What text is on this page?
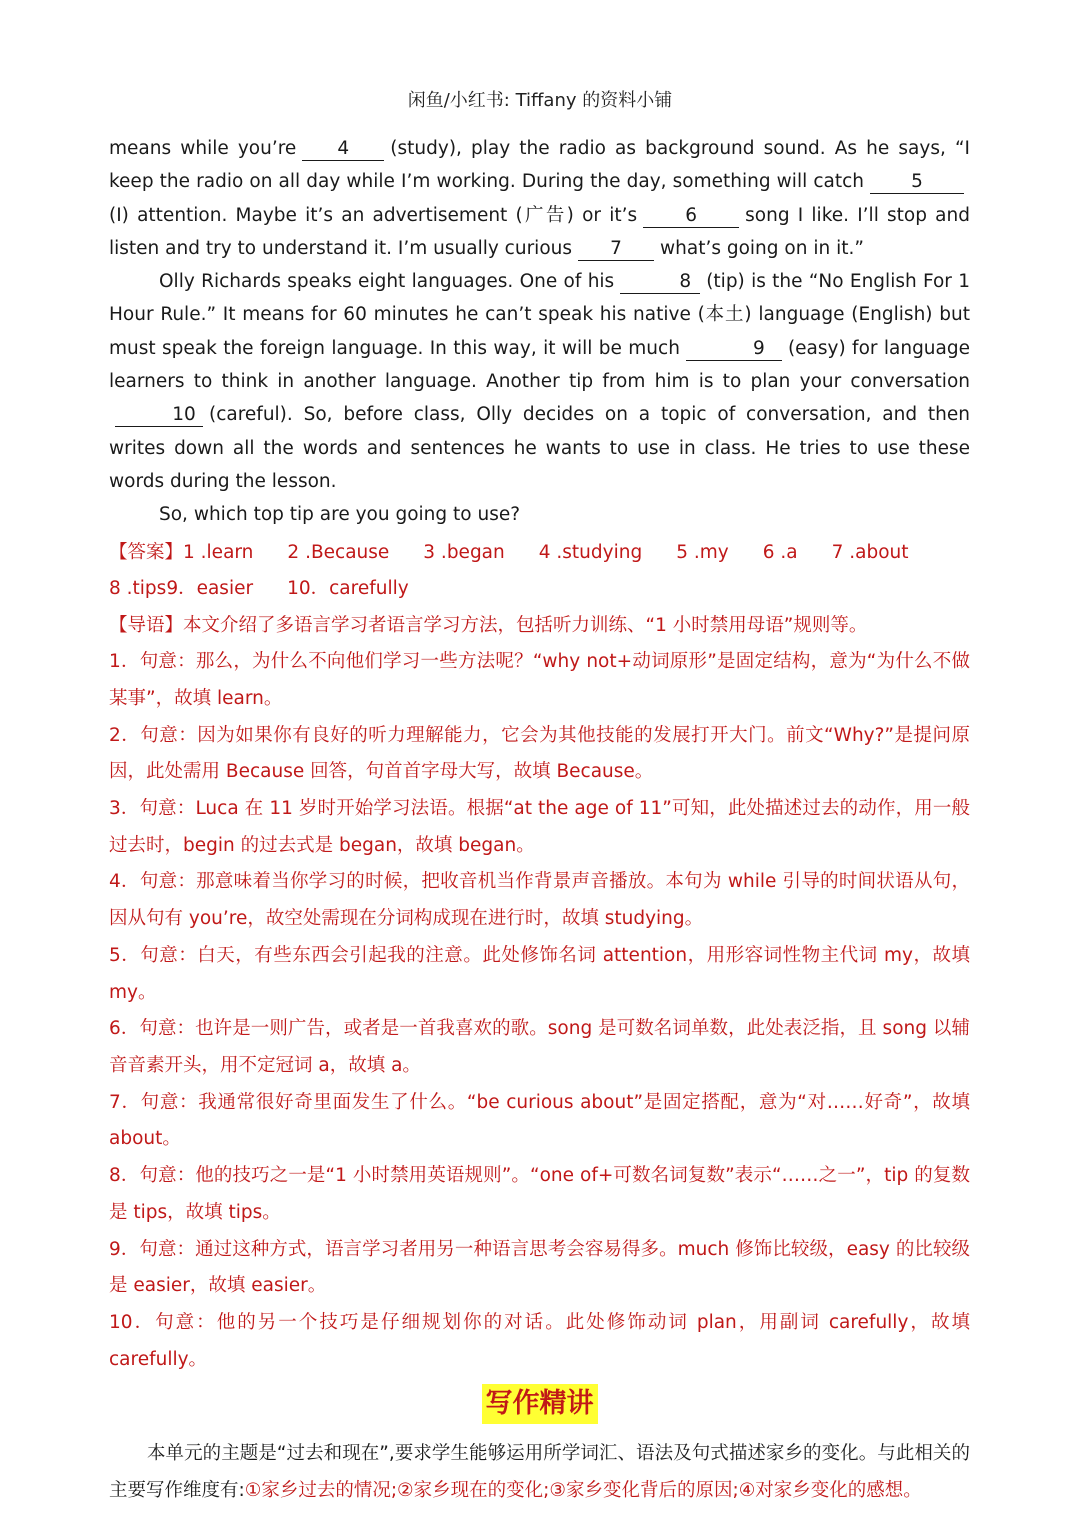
闲鱼/小红书: Tiffany 的资料小铺

means while you’re 4 (study), play the radio as background sound. As he says, “I keep the radio on all day while I’m working. During the day, something will catch	5(I) attention. Maybe it’s an advertisement (广告) or it’s	6	song I like. I’ll stop and listen and try to understand it. I’m usually curious 7 what’s going on in it.”

Olly Richards speaks eight languages. One of his	8 (tip) is the “No English For 1 Hour Rule.” It means for 60 minutes he can’t speak his native (本土) language (English) but must speak the foreign language. In this way, it will be much	9 (easy) for language learners to think in another language. Another tip from him is to plan your conversation10 (careful). So, before class, Olly decides on a topic of conversation, and then writes down all the words and sentences he wants to use in class. He tries to use these words during the lesson.

So, which top tip are you going to use?

【答案】1 .learn 2 .Because 3 .began 4 .studying 5 .my 6 .a 7 .about
8 .tips 9．easier 10．carefully

【导语】本文介绍了多语言学习者语言学习方法，包括听力训练、“1 小时禁用母语”规则等。

1．句意：那么，为什么不向他们学习一些方法呢？“why not+动词原形”是固定结构，意为“为什么不做某事”，故填 learn。

2．句意：因为如果你有良好的听力理解能力，它会为其他技能的发展打开大门。前文“Why?”是提问原因，此处需用 Because 回答，句首首字母大写，故填 Because。

3．句意：Luca 在 11 岁时开始学习法语。根据“at the age of 11”可知，此处描述过去的动作，用一般过去时，begin 的过去式是 began，故填 began。

4．句意：那意味着当你学习的时候，把收音机当作背景声音播放。本句为 while 引导的时间状语从句，因从句有 you’re，故空处需现在分词构成现在进行时，故填 studying。

5．句意：白天，有些东西会引起我的注意。此处修饰名词 attention，用形容词性物主代词 my，故填 my。

6．句意：也许是一则广告，或者是一首我喜欢的歌。song 是可数名词单数，此处表泛指，且 song 以辅音音素开头，用不定冠词 a，故填 a。

7．句意：我通常很好奇里面发生了什么。“be curious about”是固定搭配，意为“对……好奇”，故填 about。

8．句意：他的技巧之一是“1 小时禁用英语规则”。“one of+可数名词复数”表示“……之一”，tip 的复数是 tips，故填 tips。

9．句意：通过这种方式，语言学习者用另一种语言思考会容易得多。much 修饰比较级，easy 的比较级是 easier，故填 easier。

10．句意：他的另一个技巧是仔细规划你的对话。此处修饰动词 plan，用副词 carefully，故填 carefully。

写作精讲

本单元的主题是“过去和现在”,要求学生能够运用所学词汇、语法及句式描述家乡的变化。与此相关的主要写作维度有:①家乡过去的情况;②家乡现在的变化;③家乡变化背后的原因;④对家乡变化的感想。
